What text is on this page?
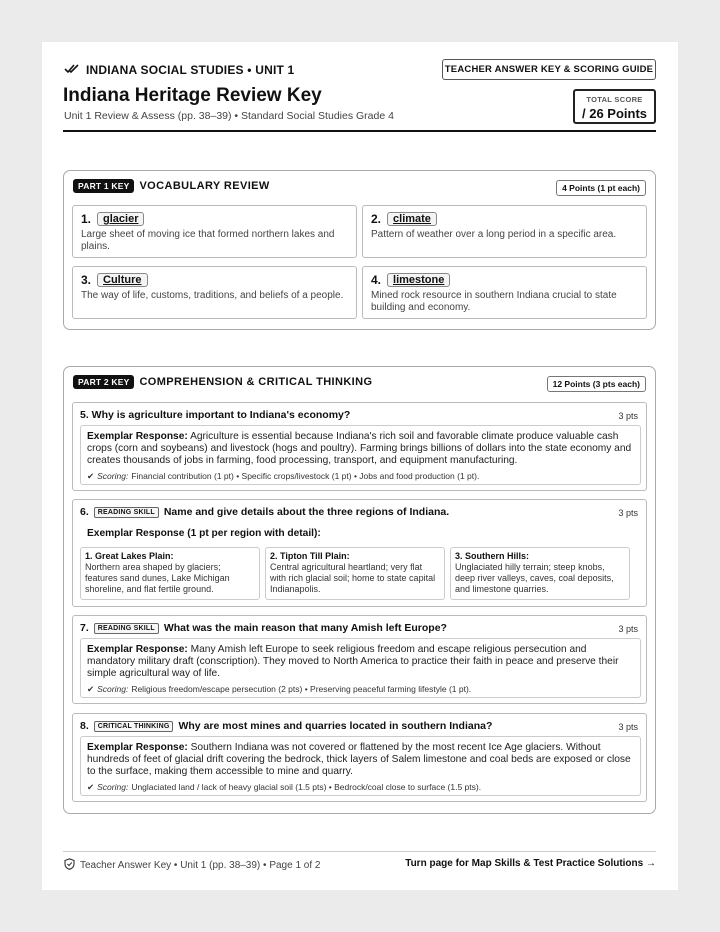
INDIANA SOCIAL STUDIES • UNIT 1	TEACHER ANSWER KEY & SCORING GUIDE
Indiana Heritage Review Key
Unit 1 Review & Assess (pp. 38–39) • Standard Social Studies Grade 4
TOTAL SCORE
/ 26 Points
PART 1 KEY VOCABULARY REVIEW	4 Points (1 pt each)
1.	glacier
Large sheet of moving ice that formed northern lakes and plains.
2.	climate
Pattern of weather over a long period in a specific area.
3.	Culture
The way of life, customs, traditions, and beliefs of a people.
4.	limestone
Mined rock resource in southern Indiana crucial to state building and economy.
PART 2 KEY COMPREHENSION & CRITICAL THINKING	12 Points (3 pts each)
5. Why is agriculture important to Indiana's economy?	3 pts
Exemplar Response: Agriculture is essential because Indiana's rich soil and favorable climate produce valuable cash crops (corn and soybeans) and livestock (hogs and poultry). Farming brings billions of dollars into the state economy and creates thousands of jobs in farming, food processing, transport, and equipment manufacturing.
✔ Scoring: Financial contribution (1 pt) • Specific crops/livestock (1 pt) • Jobs and food production (1 pt).
6.	READING SKILL Name and give details about the three regions of Indiana.	3 pts
Exemplar Response (1 pt per region with detail):
1. Great Lakes Plain:
Northern area shaped by glaciers; features sand dunes, Lake Michigan shoreline, and flat fertile ground.
2. Tipton Till Plain:
Central agricultural heartland; very flat with rich glacial soil; home to state capital Indianapolis.
3. Southern Hills:
Unglaciated hilly terrain; steep knobs, deep river valleys, caves, coal deposits, and limestone quarries.
7.	READING SKILL What was the main reason that many Amish left Europe?	3 pts
Exemplar Response: Many Amish left Europe to seek religious freedom and escape religious persecution and mandatory military draft (conscription). They moved to North America to practice their faith in peace and preserve their simple agricultural way of life.
✔ Scoring: Religious freedom/escape persecution (2 pts) • Preserving peaceful farming lifestyle (1 pt).
8.	CRITICAL THINKING Why are most mines and quarries located in southern Indiana?	3 pts
Exemplar Response: Southern Indiana was not covered or flattened by the most recent Ice Age glaciers. Without hundreds of feet of glacial drift covering the bedrock, thick layers of Salem limestone and coal beds are exposed or close to the surface, making them accessible to mine and quarry.
✔ Scoring: Unglaciated land / lack of heavy glacial soil (1.5 pts) • Bedrock/coal close to surface (1.5 pts).
Teacher Answer Key • Unit 1 (pp. 38–39) • Page 1 of 2	Turn page for Map Skills & Test Practice Solutions →
